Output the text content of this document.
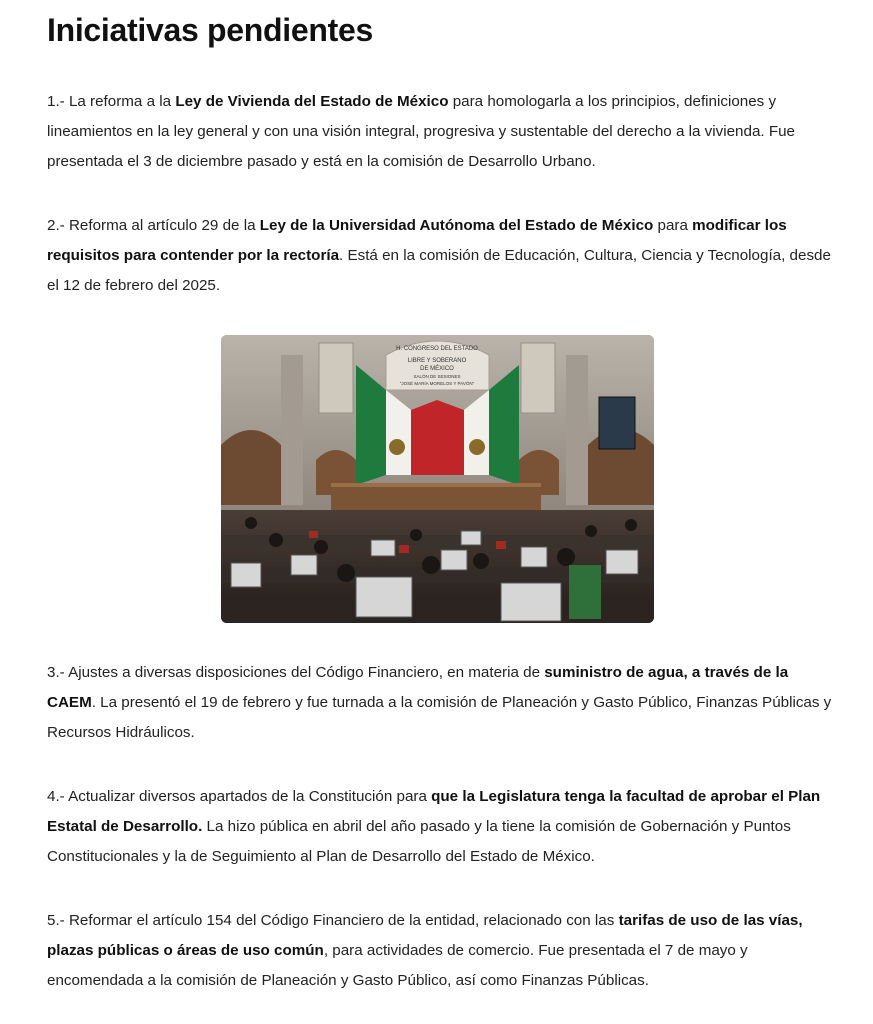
Iniciativas pendientes

1.- La reforma a la Ley de Vivienda del Estado de México para homologarla a los principios, definiciones y lineamientos en la ley general y con una visión integral, progresiva y sustentable del derecho a la vivienda. Fue presentada el 3 de diciembre pasado y está en la comisión de Desarrollo Urbano.

2.- Reforma al artículo 29 de la Ley de la Universidad Autónoma del Estado de México para modificar los requisitos para contender por la rectoría. Está en la comisión de Educación, Cultura, Ciencia y Tecnología, desde el 12 de febrero del 2025.

H. CONGRESO DEL ESTADO
LIBRE Y SOBERANO
DE MÉXICO
SALÓN DE SESIONES
"JOSÉ MARÍA MORELOS Y PAVÓN"

3.- Ajustes a diversas disposiciones del Código Financiero, en materia de suministro de agua, a través de la CAEM. La presentó el 19 de febrero y fue turnada a la comisión de Planeación y Gasto Público, Finanzas Públicas y Recursos Hidráulicos.

4.- Actualizar diversos apartados de la Constitución para que la Legislatura tenga la facultad de aprobar el Plan Estatal de Desarrollo. La hizo pública en abril del año pasado y la tiene la comisión de Gobernación y Puntos Constitucionales y la de Seguimiento al Plan de Desarrollo del Estado de México.

5.- Reformar el artículo 154 del Código Financiero de la entidad, relacionado con las tarifas de uso de las vías, plazas públicas o áreas de uso común, para actividades de comercio. Fue presentada el 7 de mayo y encomendada a la comisión de Planeación y Gasto Público, así como Finanzas Públicas.
